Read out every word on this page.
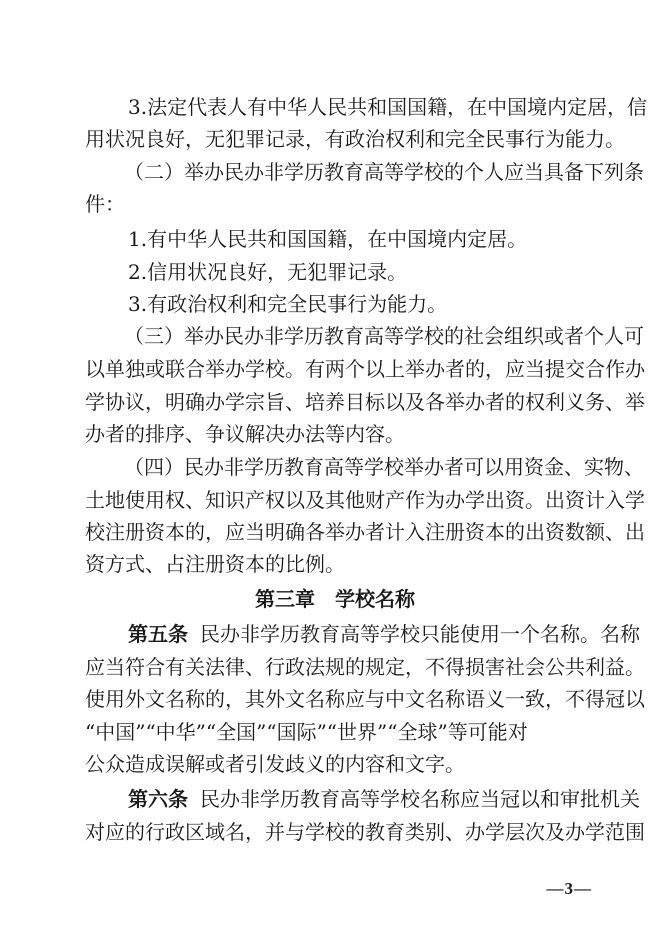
3.法定代表人有中华人民共和国国籍，在中国境内定居，信
用状况良好，无犯罪记录，有政治权利和完全民事行为能力。
（二）举办民办非学历教育高等学校的个人应当具备下列条
件：
1.有中华人民共和国国籍，在中国境内定居。
2.信用状况良好，无犯罪记录。
3.有政治权利和完全民事行为能力。
（三）举办民办非学历教育高等学校的社会组织或者个人可
以单独或联合举办学校。有两个以上举办者的，应当提交合作办
学协议，明确办学宗旨、培养目标以及各举办者的权利义务、举
办者的排序、争议解决办法等内容。
（四）民办非学历教育高等学校举办者可以用资金、实物、
土地使用权、知识产权以及其他财产作为办学出资。出资计入学
校注册资本的，应当明确各举办者计入注册资本的出资数额、出
资方式、占注册资本的比例。
第三章　学校名称
第五条 民办非学历教育高等学校只能使用一个名称。名称
应当符合有关法律、行政法规的规定，不得损害社会公共利益。
使用外文名称的，其外文名称应与中文名称语义一致，不得冠以
“中国”“中华”“全国”“国际”“世界”“全球”等可能对
公众造成误解或者引发歧义的内容和文字。
第六条 民办非学历教育高等学校名称应当冠以和审批机关
对应的行政区域名，并与学校的教育类别、办学层次及办学范围
—3—
